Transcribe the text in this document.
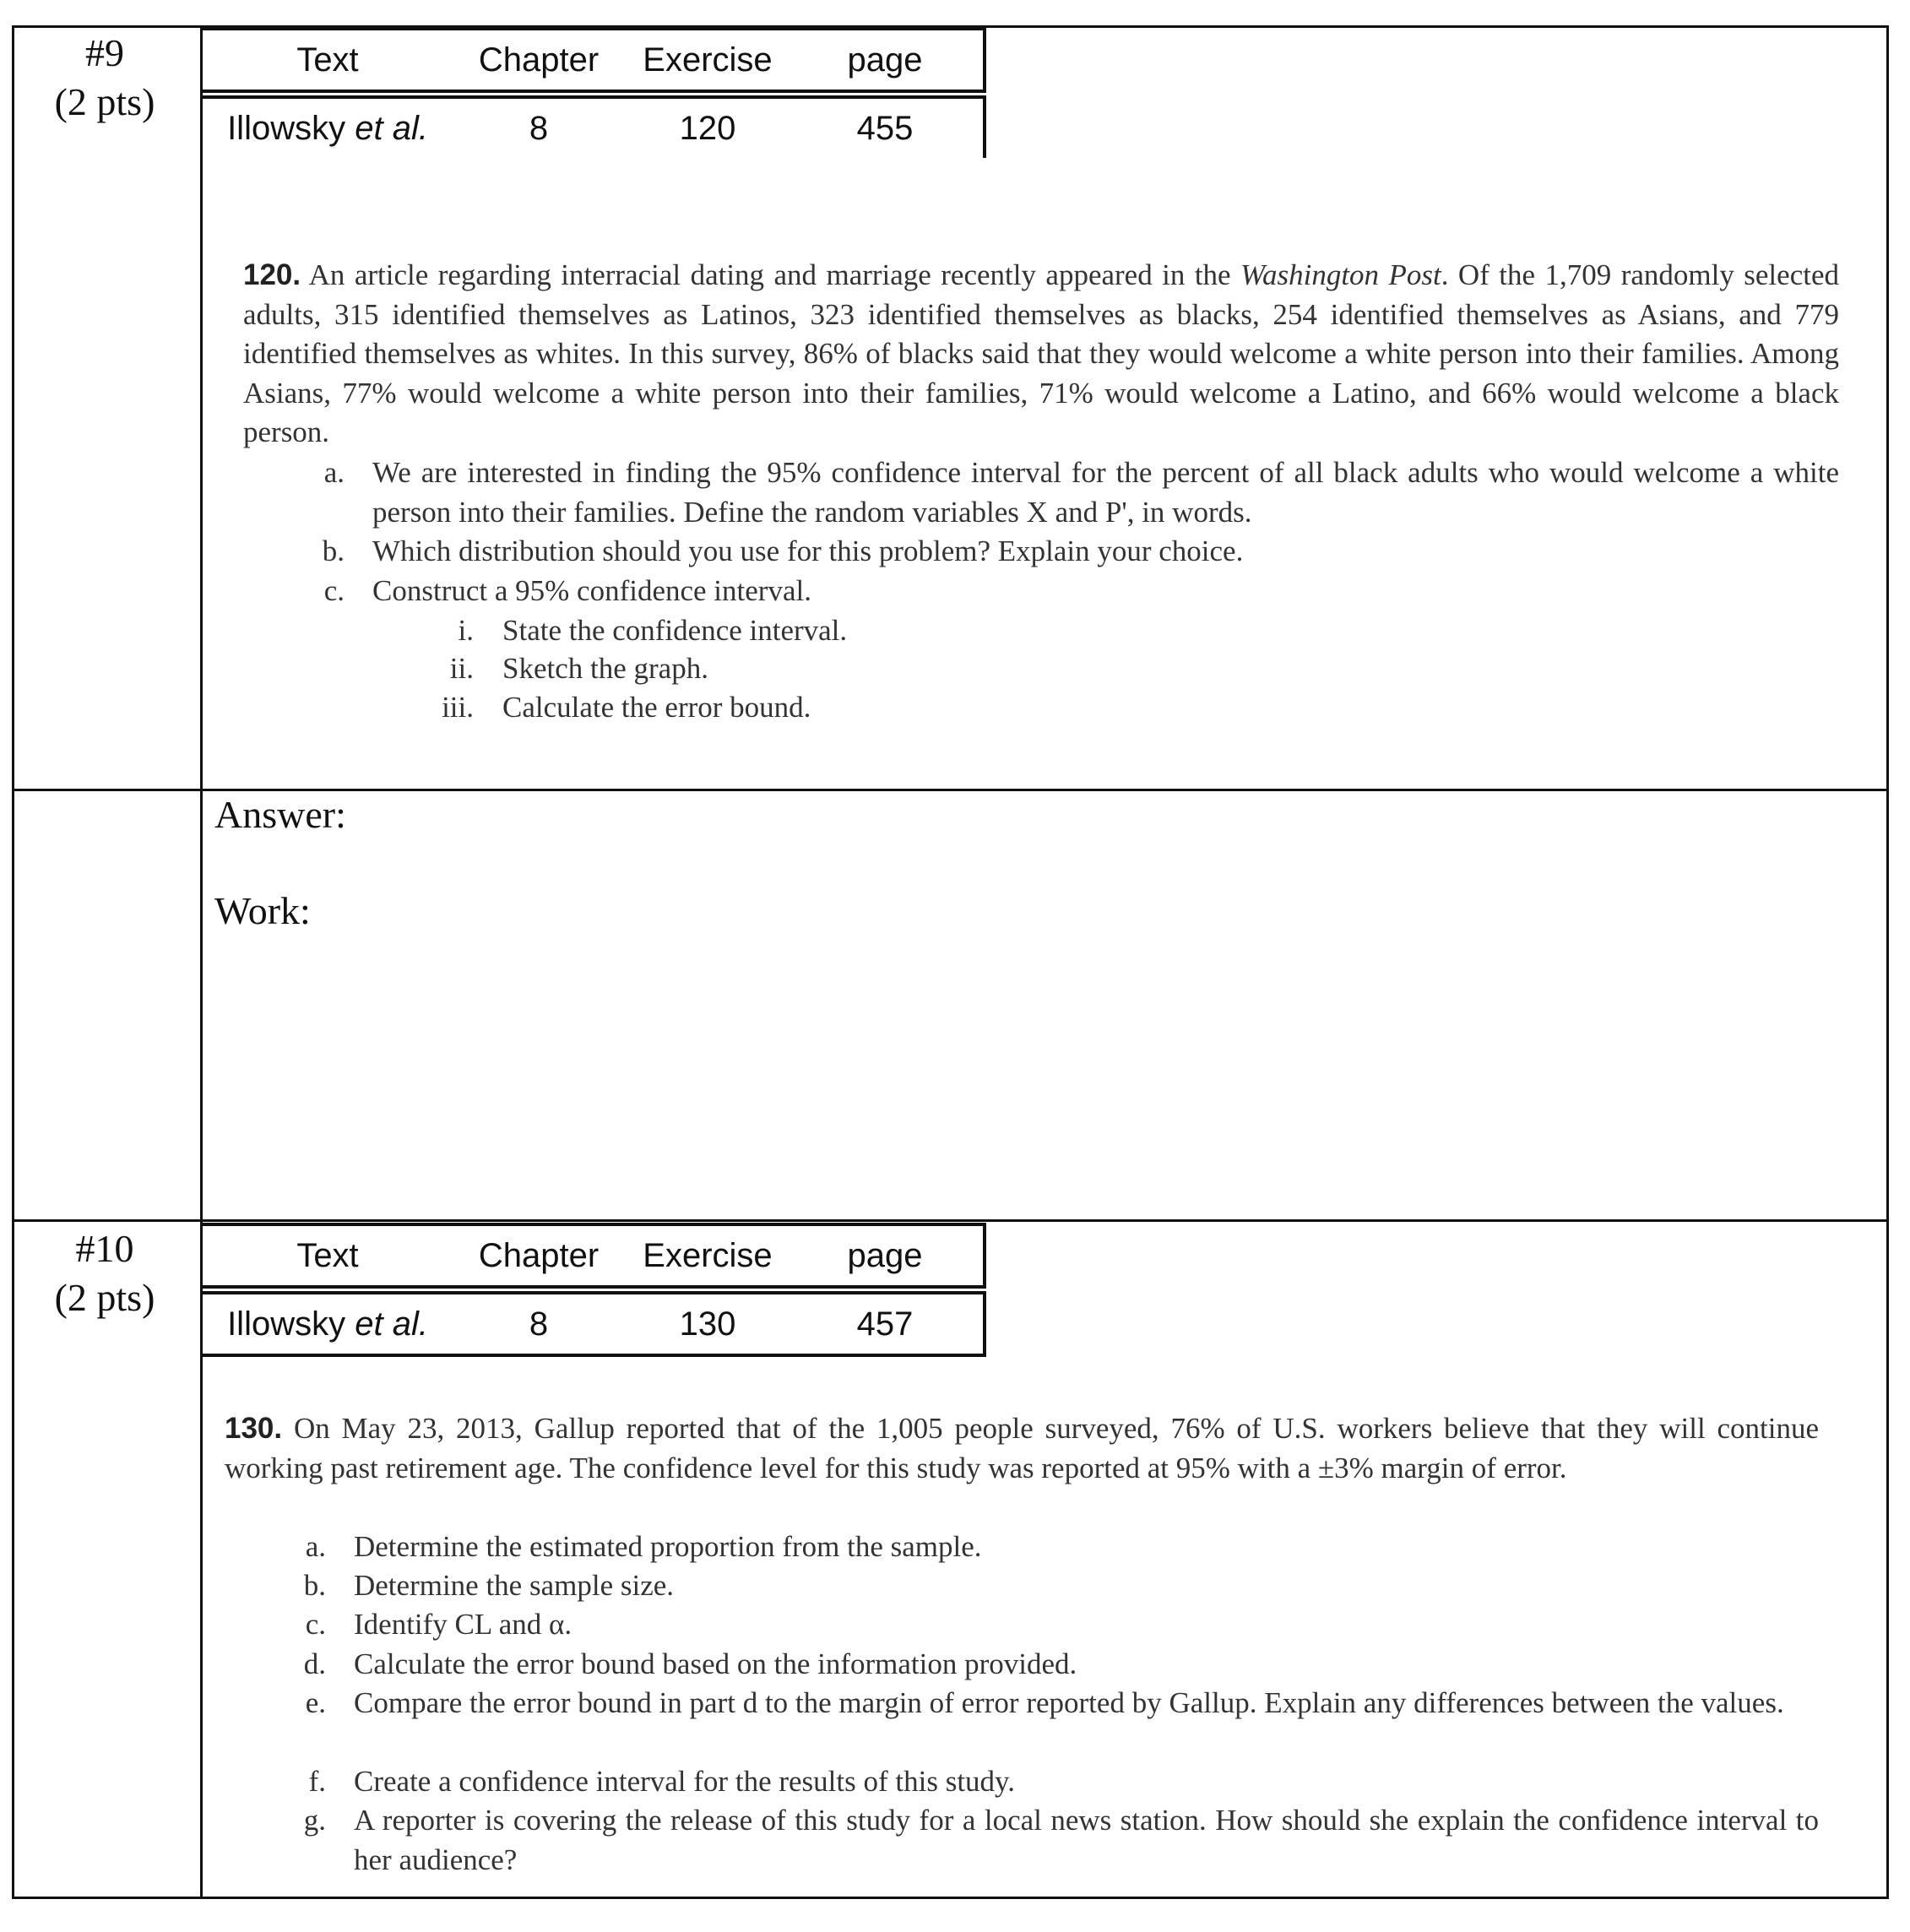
#9
(2 pts)
Text	Chapter	Exercise	page
Illowsky et al.	8	120	455
120. An article regarding interracial dating and marriage recently appeared in the Washington Post. Of the 1,709 randomly selected adults, 315 identified themselves as Latinos, 323 identified themselves as blacks, 254 identified themselves as Asians, and 779 identified themselves as whites. In this survey, 86% of blacks said that they would welcome a white person into their families. Among Asians, 77% would welcome a white person into their families, 71% would welcome a Latino, and 66% would welcome a black person.
a. We are interested in finding the 95% confidence interval for the percent of all black adults who would welcome a white person into their families. Define the random variables X and P', in words.
b. Which distribution should you use for this problem? Explain your choice.
c. Construct a 95% confidence interval.
i. State the confidence interval.
ii. Sketch the graph.
iii. Calculate the error bound.
Answer:
Work:
#10
(2 pts)
Text	Chapter	Exercise	page
Illowsky et al.	8	130	457
130. On May 23, 2013, Gallup reported that of the 1,005 people surveyed, 76% of U.S. workers believe that they will continue working past retirement age. The confidence level for this study was reported at 95% with a ±3% margin of error.
a. Determine the estimated proportion from the sample.
b. Determine the sample size.
c. Identify CL and α.
d. Calculate the error bound based on the information provided.
e. Compare the error bound in part d to the margin of error reported by Gallup. Explain any differences between the values.
f. Create a confidence interval for the results of this study.
g. A reporter is covering the release of this study for a local news station. How should she explain the confidence interval to her audience?
